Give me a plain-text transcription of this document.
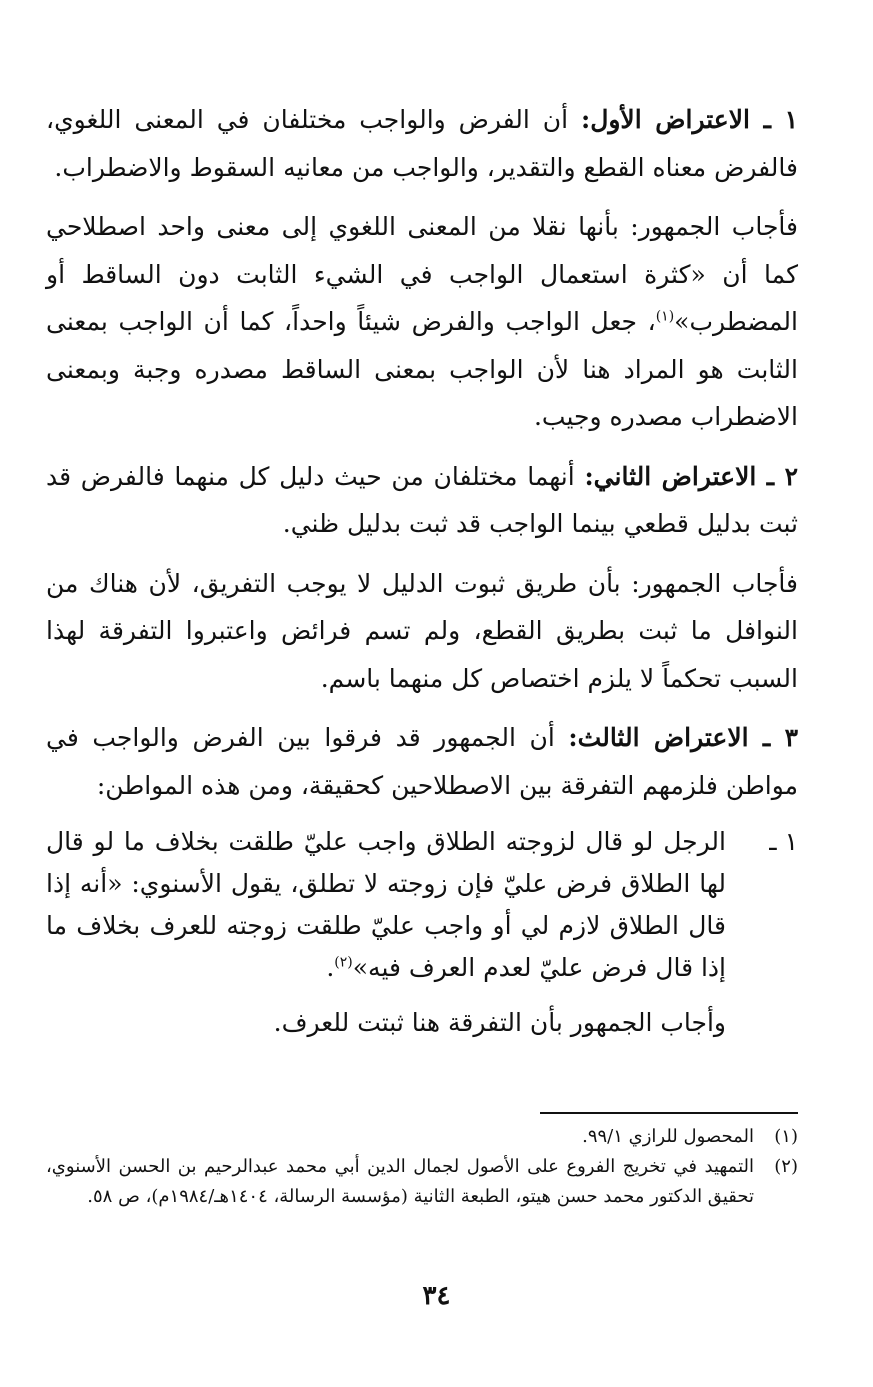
١ ـ الاعتراض الأول: أن الفرض والواجب مختلفان في المعنى اللغوي، فالفرض معناه القطع والتقدير، والواجب من معانيه السقوط والاضطراب.

فأجاب الجمهور: بأنها نقلا من المعنى اللغوي إلى معنى واحد اصطلاحي كما أن «كثرة استعمال الواجب في الشيء الثابت دون الساقط أو المضطرب»$^{(١)}$، جعل الواجب والفرض شيئاً واحداً، كما أن الواجب بمعنى الثابت هو المراد هنا لأن الواجب بمعنى الساقط مصدره وجبة وبمعنى الاضطراب مصدره وجيب.

٢ ـ الاعتراض الثاني: أنهما مختلفان من حيث دليل كل منهما فالفرض قد ثبت بدليل قطعي بينما الواجب قد ثبت بدليل ظني.

فأجاب الجمهور: بأن طريق ثبوت الدليل لا يوجب التفريق، لأن هناك من النوافل ما ثبت بطريق القطع، ولم تسم فرائض واعتبروا التفرقة لهذا السبب تحكماً لا يلزم اختصاص كل منهما باسم.

٣ ـ الاعتراض الثالث: أن الجمهور قد فرقوا بين الفرض والواجب في مواطن فلزمهم التفرقة بين الاصطلاحين كحقيقة، ومن هذه المواطن:

١ ـ
الرجل لو قال لزوجته الطلاق واجب عليّ طلقت بخلاف ما لو قال لها الطلاق فرض عليّ فإن زوجته لا تطلق، يقول الأسنوي: «أنه إذا قال الطلاق لازم لي أو واجب عليّ طلقت زوجته للعرف بخلاف ما إذا قال فرض عليّ لعدم العرف فيه»$^{(٢)}$.
وأجاب الجمهور بأن التفرقة هنا ثبتت للعرف.
(١)
المحصول للرازي ٩٩/١.
(٢)
التمهيد في تخريج الفروع على الأصول لجمال الدين أبي محمد عبدالرحيم بن الحسن الأسنوي، تحقيق الدكتور محمد حسن هيتو، الطبعة الثانية (مؤسسة الرسالة، ١٤٠٤هـ/١٩٨٤م)، ص ٥٨.
٣٤
